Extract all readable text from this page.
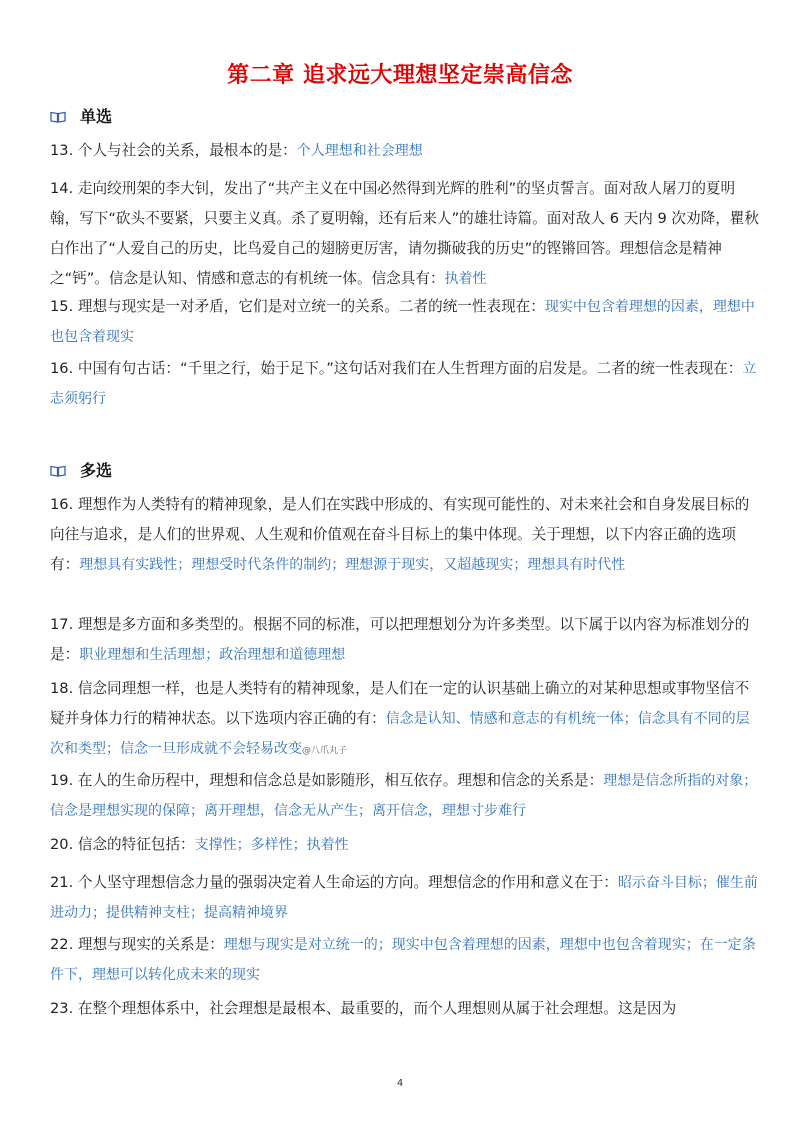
第二章 追求远大理想坚定崇高信念
单选
13. 个人与社会的关系，最根本的是：个人理想和社会理想
14. 走向绞刑架的李大钊，发出了“共产主义在中国必然得到光辉的胜利”的坚贞誓言。面对敌人屠刀的夏明翰，写下“砍头不要紧，只要主义真。杀了夏明翰，还有后来人”的雄壮诗篇。面对敌人 6 天内 9 次劝降，瞿秋白作出了“人爱自己的历史，比鸟爱自己的翅膀更厉害，请勿撕破我的历史”的铿锵回答。理想信念是精神之“钙”。信念是认知、情感和意志的有机统一体。信念具有：执着性
15. 理想与现实是一对矛盾，它们是对立统一的关系。二者的统一性表现在：现实中包含着理想的因素，理想中也包含着现实
16. 中国有句古话：“千里之行，始于足下。”这句话对我们在人生哲理方面的启发是。二者的统一性表现在：立志须躬行
多选
16. 理想作为人类特有的精神现象，是人们在实践中形成的、有实现可能性的、对未来社会和自身发展目标的向往与追求，是人们的世界观、人生观和价值观在奋斗目标上的集中体现。关于理想，以下内容正确的选项有：理想具有实践性；理想受时代条件的制约；理想源于现实，又超越现实；理想具有时代性
17. 理想是多方面和多类型的。根据不同的标准，可以把理想划分为许多类型。以下属于以内容为标准划分的是：职业理想和生活理想；政治理想和道德理想
18. 信念同理想一样，也是人类特有的精神现象，是人们在一定的认识基础上确立的对某种思想或事物坚信不疑并身体力行的精神状态。以下选项内容正确的有：信念是认知、情感和意志的有机统一体；信念具有不同的层次和类型；信念一旦形成就不会轻易改变@八爪丸子
19. 在人的生命历程中，理想和信念总是如影随形，相互依存。理想和信念的关系是：理想是信念所指的对象；信念是理想实现的保障；离开理想，信念无从产生；离开信念，理想寸步难行
20. 信念的特征包括：支撑性；多样性；执着性
21. 个人坚守理想信念力量的强弱决定着人生命运的方向。理想信念的作用和意义在于：昭示奋斗目标；催生前进动力；提供精神支柱；提高精神境界
22. 理想与现实的关系是：理想与现实是对立统一的；现实中包含着理想的因素，理想中也包含着现实；在一定条件下，理想可以转化成未来的现实
23. 在整个理想体系中，社会理想是最根本、最重要的，而个人理想则从属于社会理想。这是因为
4
